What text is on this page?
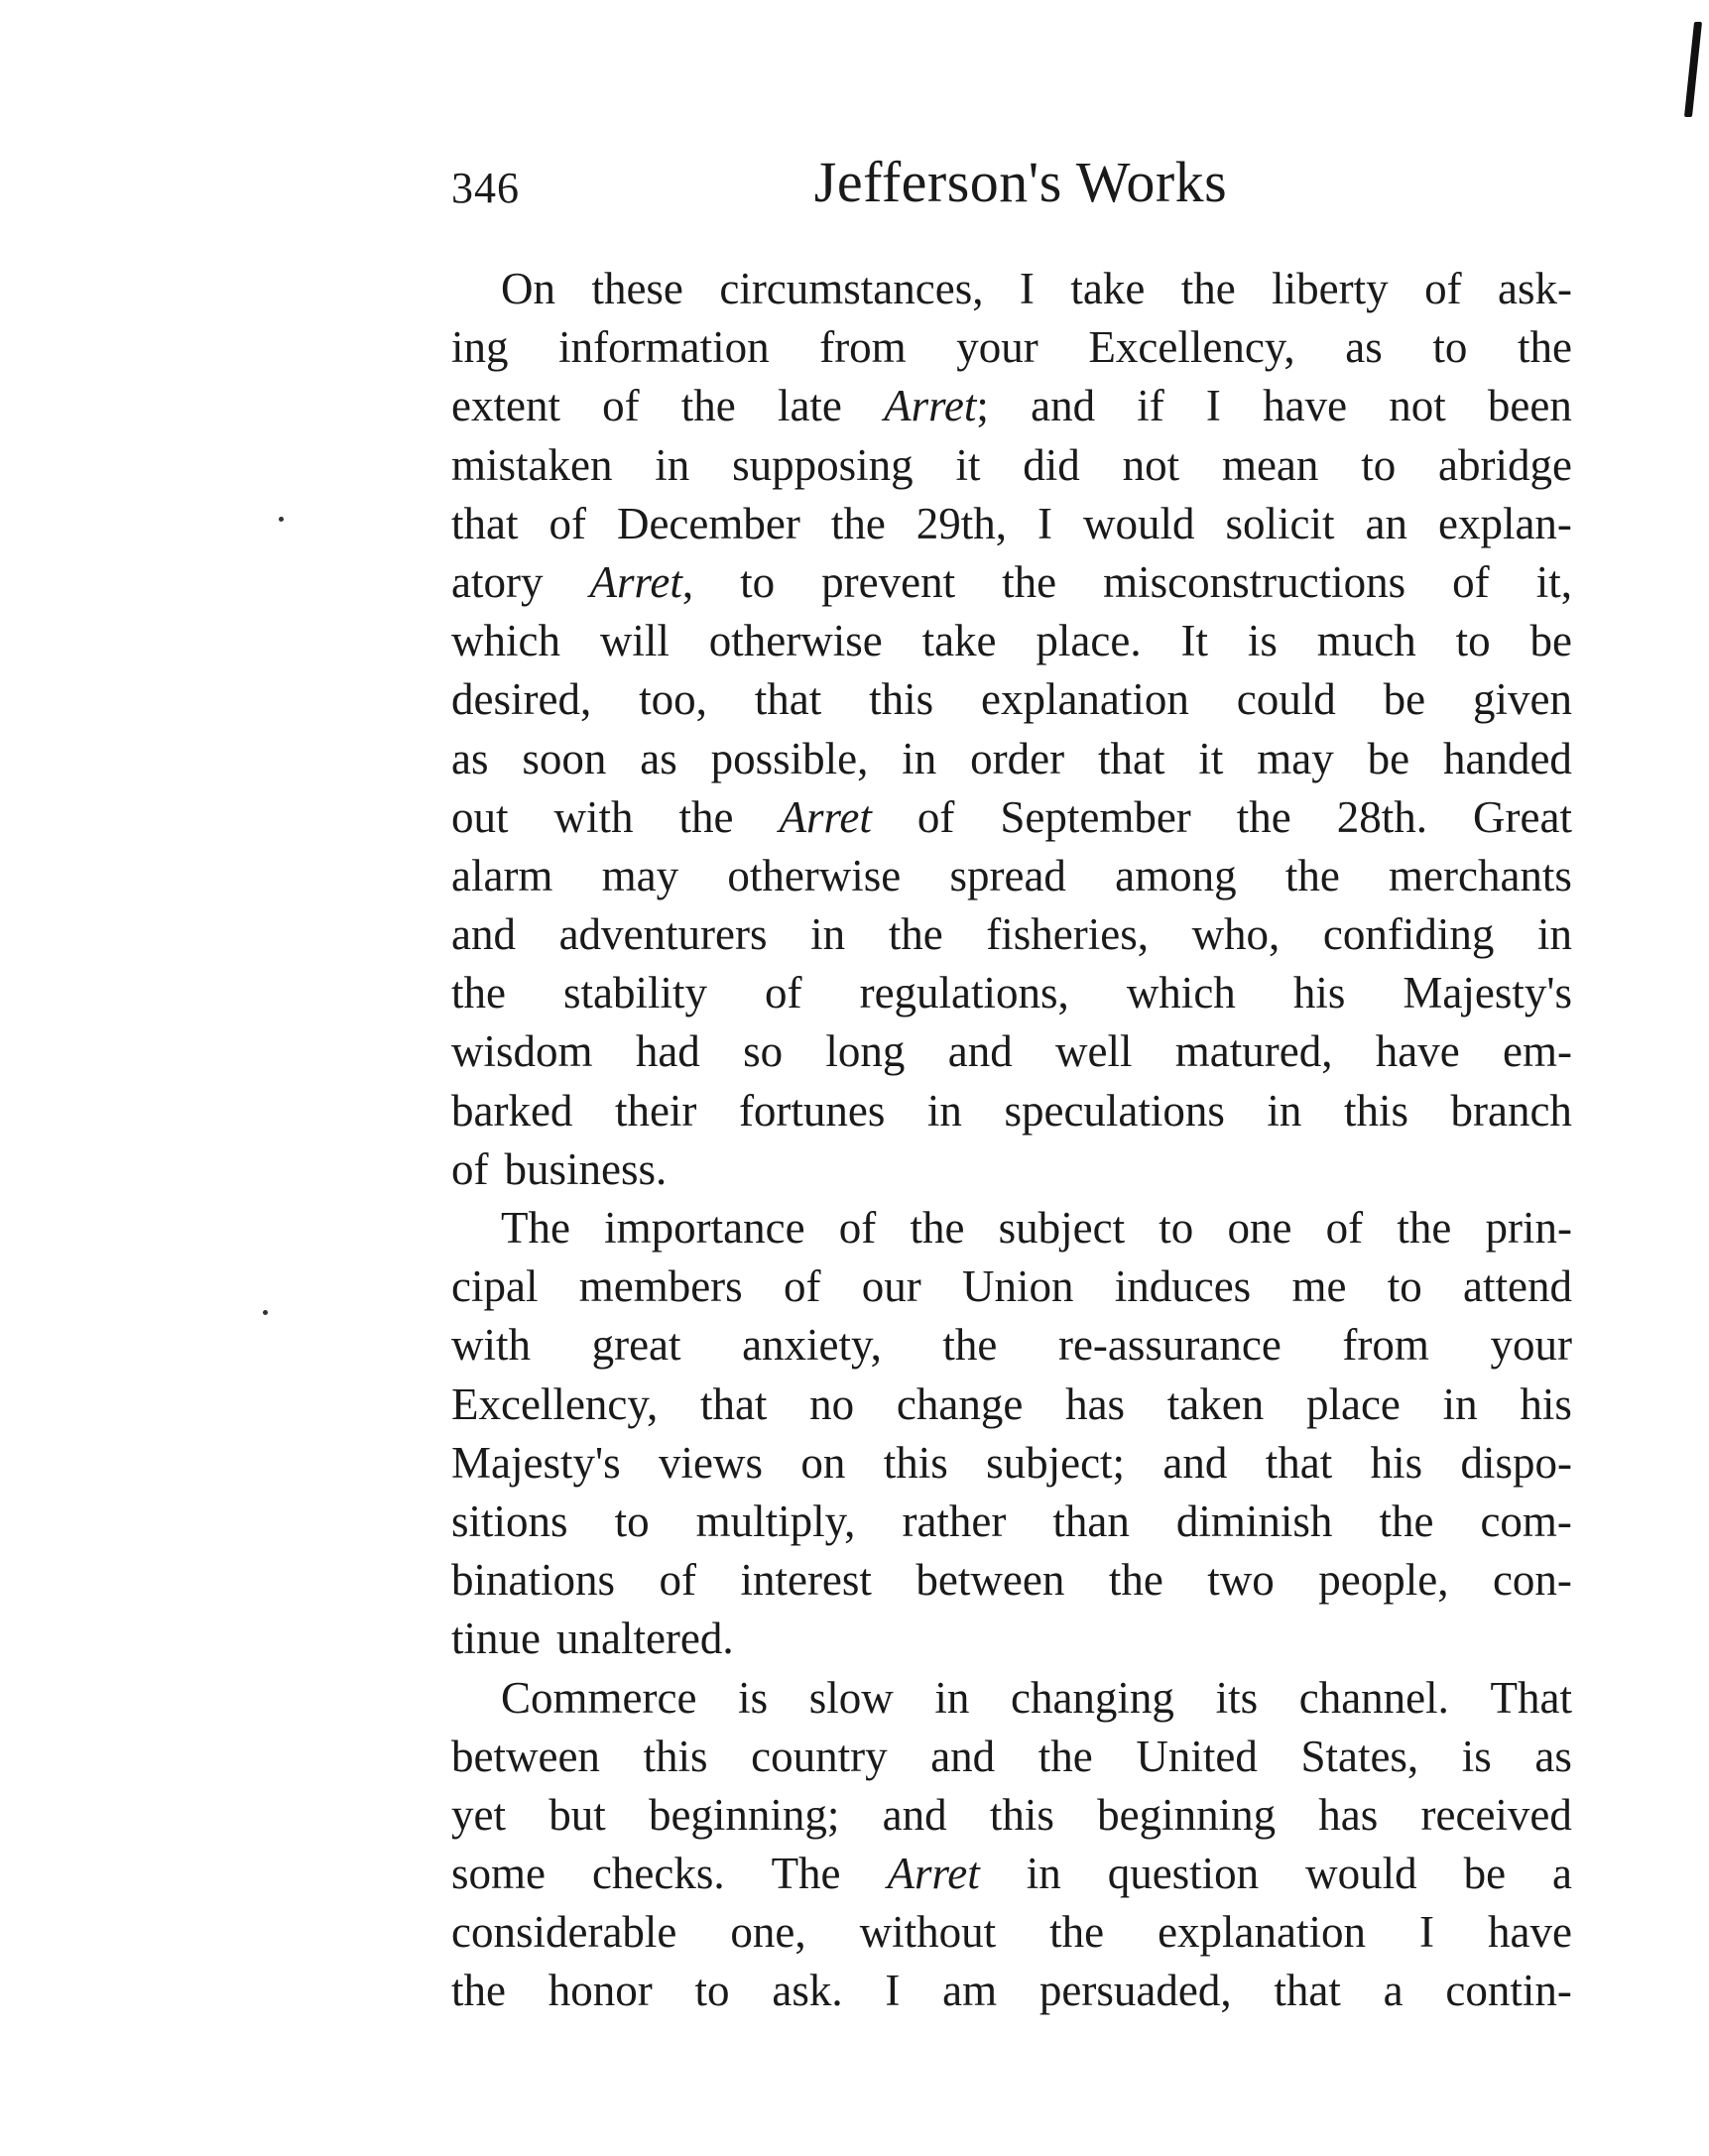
346	Jefferson's Works
On these circumstances, I take the liberty of ask-
ing information from your Excellency, as to the
extent of the late Arret; and if I have not been
mistaken in supposing it did not mean to abridge
that of December the 29th, I would solicit an explan-
atory Arret, to prevent the misconstructions of it,
which will otherwise take place. It is much to be
desired, too, that this explanation could be given
as soon as possible, in order that it may be handed
out with the Arret of September the 28th. Great
alarm may otherwise spread among the merchants
and adventurers in the fisheries, who, confiding in
the stability of regulations, which his Majesty's
wisdom had so long and well matured, have em-
barked their fortunes in speculations in this branch
of business.
The importance of the subject to one of the prin-
cipal members of our Union induces me to attend
with great anxiety, the re-assurance from your
Excellency, that no change has taken place in his
Majesty's views on this subject; and that his dispo-
sitions to multiply, rather than diminish the com-
binations of interest between the two people, con-
tinue unaltered.
Commerce is slow in changing its channel. That
between this country and the United States, is as
yet but beginning; and this beginning has received
some checks. The Arret in question would be a
considerable one, without the explanation I have
the honor to ask. I am persuaded, that a contin-
